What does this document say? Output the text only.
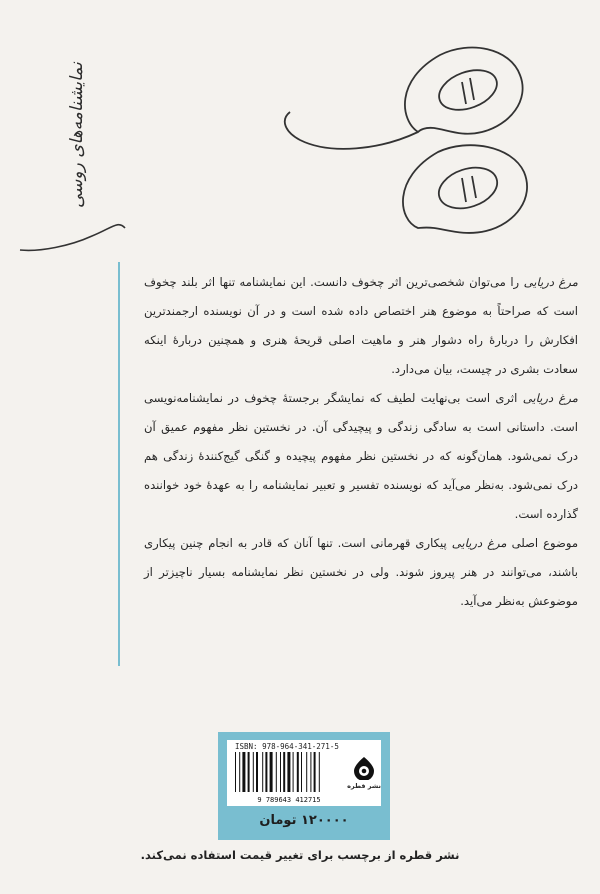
نمایشنامه‌های روسی

مرغ دریایی را می‌توان شخصی‌ترین اثر چخوف دانست. این نمایشنامه تنها اثر بلند چخوف است که صراحتاً به موضوع هنر اختصاص داده شده است و در آن نویسنده ارجمندترین افکارش را دربارهٔ راه دشوار هنر و ماهیت اصلی قریحهٔ هنری و همچنین دربارهٔ اینکه سعادت بشری در چیست، بیان می‌دارد.

مرغ دریایی اثری است بی‌نهایت لطیف که نمایشگر برجستهٔ چخوف در نمایشنامه‌نویسی است. داستانی است به سادگی زندگی و پیچیدگی آن. در نخستین نظر مفهوم عمیق آن درک نمی‌شود. همان‌گونه که در نخستین نظر مفهوم پیچیده و گنگی گیج‌کنندهٔ زندگی هم درک نمی‌شود. به‌نظر می‌آید که نویسنده تفسیر و تعبیر نمایشنامه را به عهدهٔ خود خواننده گذارده است.

موضوع اصلی مرغ دریایی پیکاری قهرمانی است. تنها آنان که قادر به انجام چنین پیکاری باشند، می‌توانند در هنر پیروز شوند. ولی در نخستین نظر نمایشنامه بسیار ناچیزتر از موضوعش به‌نظر می‌آید.

ISBN: 978-964-341-271-5
9 789643 412715
نشر قطره
۱۲۰۰۰۰ تومان
نشر قطره از برچسب برای تغییر قیمت استفاده نمی‌کند.
